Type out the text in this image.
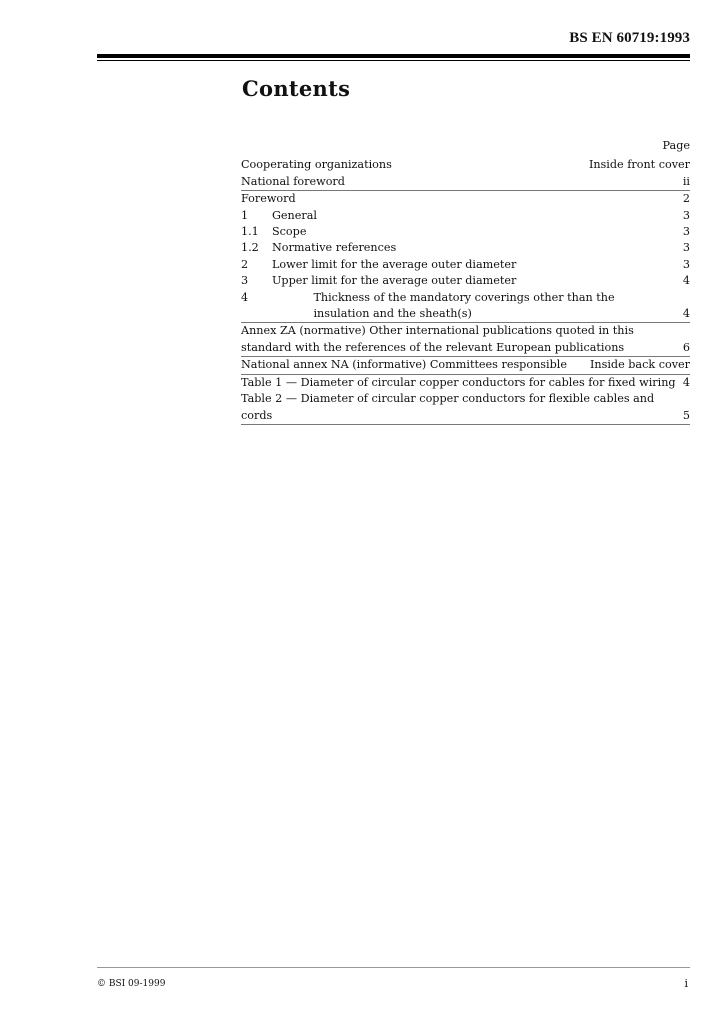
BS EN 60719:1993
Contents
Page
Cooperating organizations	Inside front cover
National foreword	ii
Foreword	2
1	General	3
1.1	Scope	3
1.2	Normative references	3
2	Lower limit for the average outer diameter	3
3	Upper limit for the average outer diameter	4
4	Thickness of the mandatory coverings other than the insulation and the sheath(s)	4
Annex ZA (normative) Other international publications quoted in this standard with the references of the relevant European publications	6
National annex NA (informative) Committees responsible	Inside back cover
Table 1 — Diameter of circular copper conductors for cables for fixed wiring 4
Table 2 — Diameter of circular copper conductors for flexible cables and cords	5
© BSI 09-1999	i
